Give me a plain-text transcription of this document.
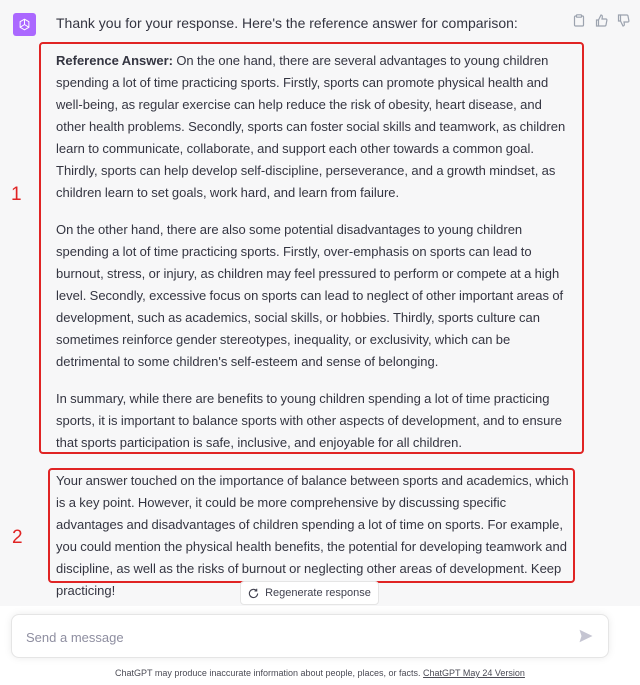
Thank you for your response. Here's the reference answer for comparison:
1

Reference Answer: On the one hand, there are several advantages to young children spending a lot of time practicing sports. Firstly, sports can promote physical health and well-being, as regular exercise can help reduce the risk of obesity, heart disease, and other health problems. Secondly, sports can foster social skills and teamwork, as children learn to communicate, collaborate, and support each other towards a common goal. Thirdly, sports can help develop self-discipline, perseverance, and a growth mindset, as children learn to set goals, work hard, and learn from failure.

On the other hand, there are also some potential disadvantages to young children spending a lot of time practicing sports. Firstly, over-emphasis on sports can lead to burnout, stress, or injury, as children may feel pressured to perform or compete at a high level. Secondly, excessive focus on sports can lead to neglect of other important areas of development, such as academics, social skills, or hobbies. Thirdly, sports culture can sometimes reinforce gender stereotypes, inequality, or exclusivity, which can be detrimental to some children's self-esteem and sense of belonging.

In summary, while there are benefits to young children spending a lot of time practicing sports, it is important to balance sports with other aspects of development, and to ensure that sports participation is safe, inclusive, and enjoyable for all children.

2

Your answer touched on the importance of balance between sports and academics, which is a key point. However, it could be more comprehensive by discussing specific advantages and disadvantages of children spending a lot of time on sports. For example, you could mention the physical health benefits, the potential for developing teamwork and discipline, as well as the risks of burnout or neglecting other areas of development. Keep practicing!	Regenerate response
Send a message
ChatGPT may produce inaccurate information about people, places, or facts. ChatGPT May 24 Version
